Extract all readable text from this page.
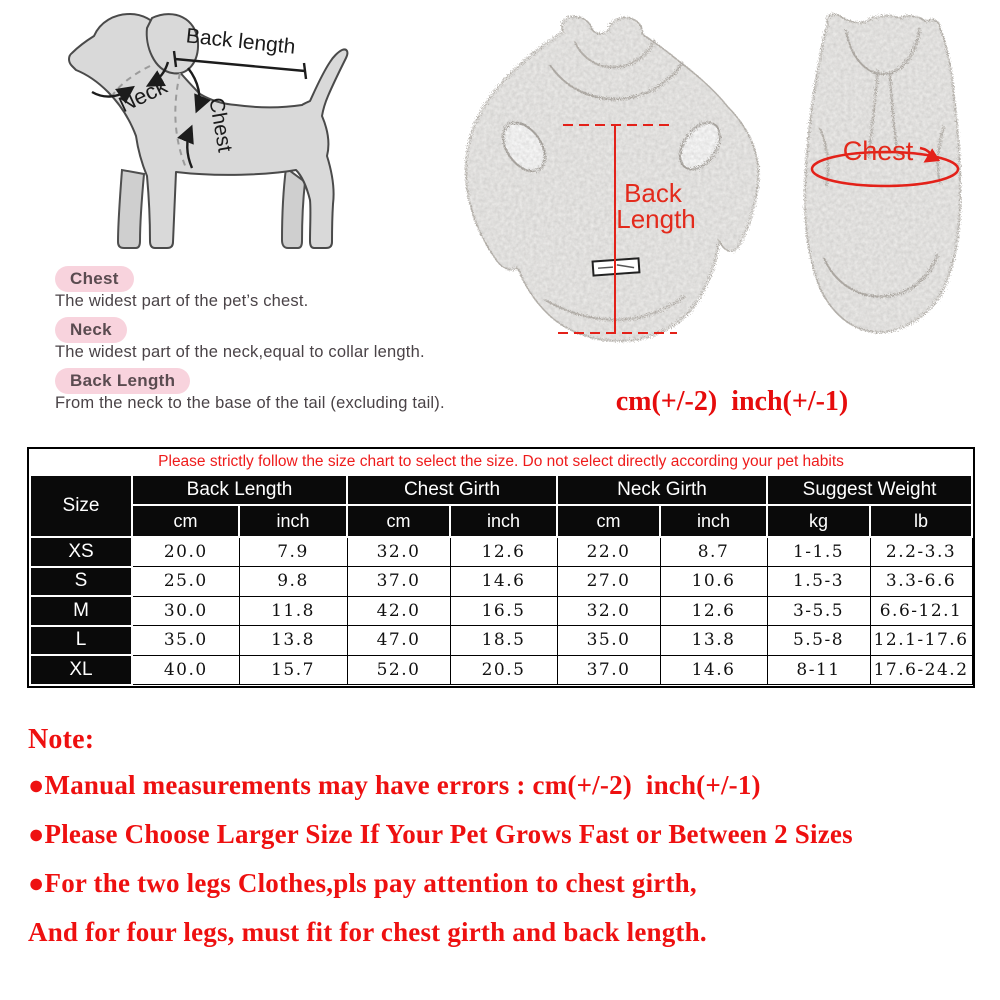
Back length
Neck
Chest
Chest
The widest part of the pet’s chest.
Neck
The widest part of the neck,equal to collar length.
Back Length
From the neck to the base of the tail (excluding tail).
Back
Length
Chest
cm(+/-2)  inch(+/-1)
Please strictly follow the size chart to select the size. Do not select directly according your pet habits								
Size	Back Length		Chest Girth		Neck Girth		Suggest Weight	
	cm	inch	cm	inch	cm	inch	kg	lb
XS	20.0	7.9	32.0	12.6	22.0	8.7	1-1.5	2.2-3.3
S	25.0	9.8	37.0	14.6	27.0	10.6	1.5-3	3.3-6.6
M	30.0	11.8	42.0	16.5	32.0	12.6	3-5.5	6.6-12.1
L	35.0	13.8	47.0	18.5	35.0	13.8	5.5-8	12.1-17.6
XL	40.0	15.7	52.0	20.5	37.0	14.6	8-11	17.6-24.2
Note:
●Manual measurements may have errors : cm(+/-2)  inch(+/-1)
●Please Choose Larger Size If Your Pet Grows Fast or Between 2 Sizes
●For the two legs Clothes,pls pay attention to chest girth,
And for four legs, must fit for chest girth and back length.
